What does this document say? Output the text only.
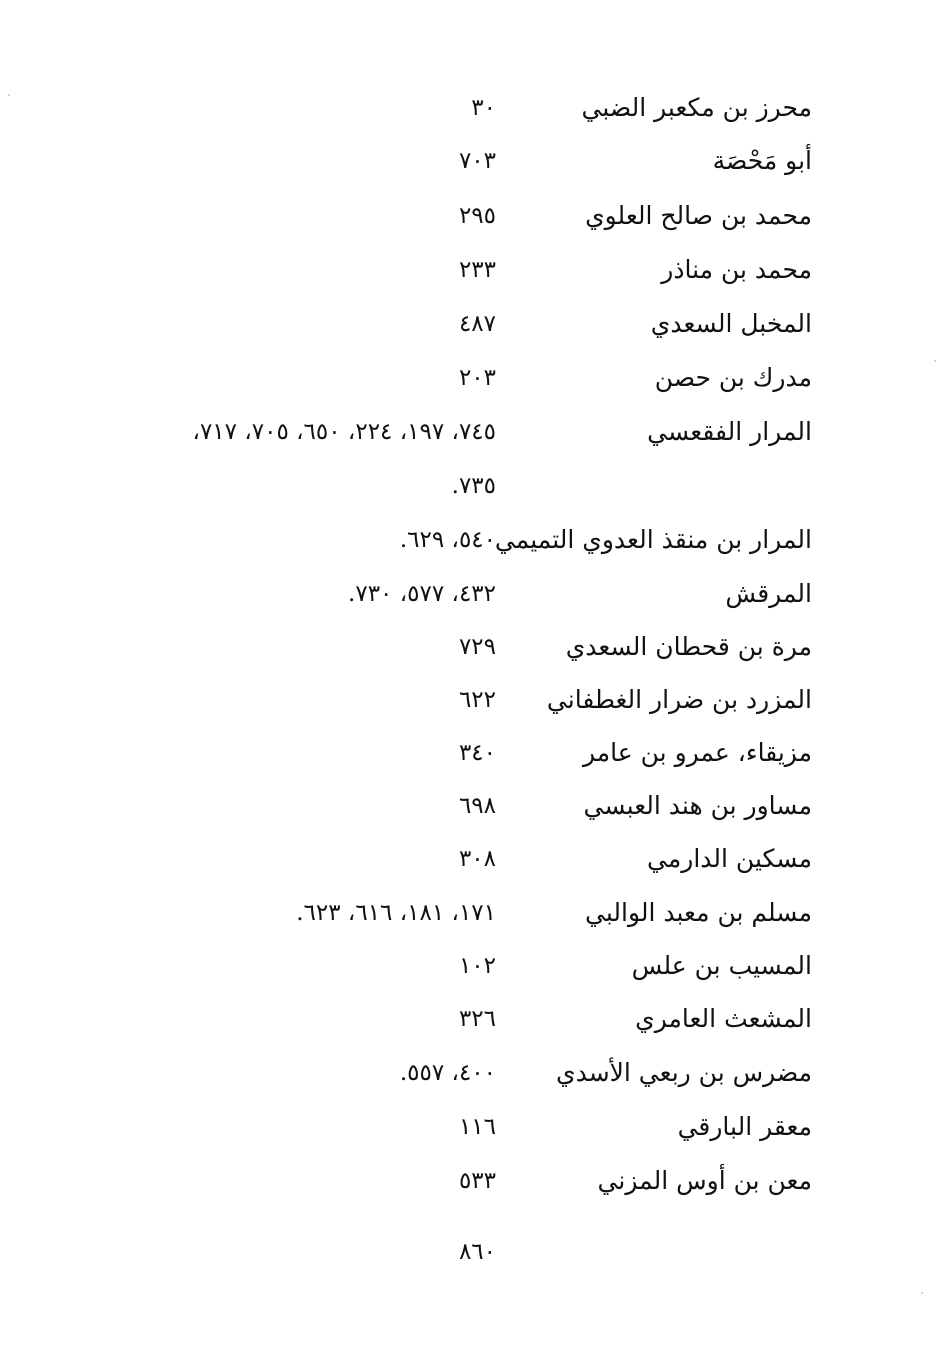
محرز بن مكعبر الضبي
٣٠
أبو مَحْصَة
٧٠٣
محمد بن صالح العلوي
٢٩٥
محمد بن مناذر
٢٣٣
المخبل السعدي
٤٨٧
مدرك بن حصن
٢٠٣
المرار الفقعسي
٧٤٥، ١٩٧، ٢٢٤، ٦٥٠، ٧٠٥، ٧١٧،
٧٣٥.
المرار بن منقذ العدوي التميمي
٥٤٠، ٦٢٩.
المرقش
٤٣٢، ٥٧٧، ٧٣٠.
مرة بن قحطان السعدي
٧٢٩
المزرد بن ضرار الغطفاني
٦٢٢
مزيقاء، عمرو بن عامر
٣٤٠
مساور بن هند العبسي
٦٩٨
مسكين الدارمي
٣٠٨
مسلم بن معبد الوالبي
١٧١، ١٨١، ٦١٦، ٦٢٣.
المسيب بن علس
١٠٢
المشعث العامري
٣٢٦
مضرس بن ربعي الأسدي
٤٠٠، ٥٥٧.
معقر البارقي
١١٦
معن بن أوس المزني
٥٣٣
٨٦٠
